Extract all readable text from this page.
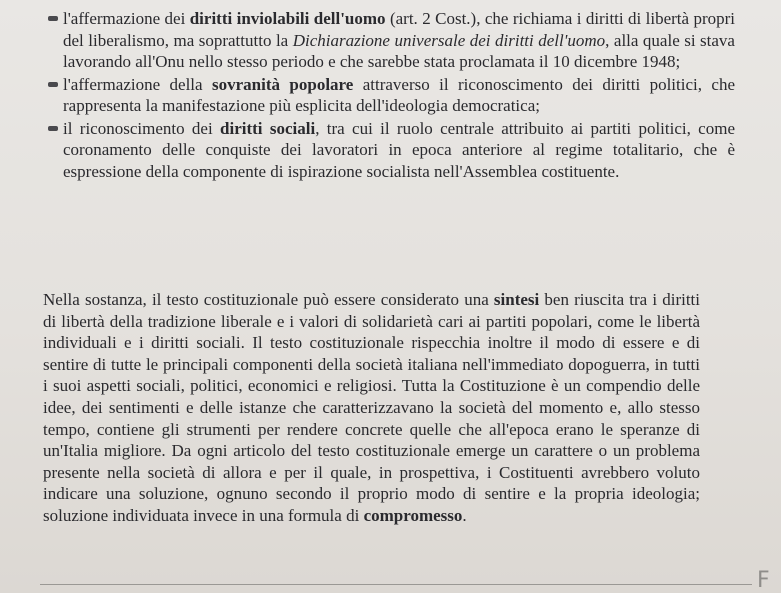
l'affermazione dei diritti inviolabili dell'uomo (art. 2 Cost.), che richiama i diritti di libertà propri del liberalismo, ma soprattutto la Dichiarazione universale dei diritti dell'uomo, alla quale si stava lavorando all'Onu nello stesso periodo e che sarebbe stata proclamata il 10 dicembre 1948;
l'affermazione della sovranità popolare attraverso il riconoscimento dei diritti politici, che rappresenta la manifestazione più esplicita dell'ideologia democratica;
il riconoscimento dei diritti sociali, tra cui il ruolo centrale attribuito ai partiti politici, come coronamento delle conquiste dei lavoratori in epoca anteriore al regime totalitario, che è espressione della componente di ispirazione socialista nell'Assemblea costituente.

Nella sostanza, il testo costituzionale può essere considerato una sintesi ben riuscita tra i diritti di libertà della tradizione liberale e i valori di solidarietà cari ai partiti popolari, come le libertà individuali e i diritti sociali. Il testo costituzionale rispecchia inoltre il modo di essere e di sentire di tutte le principali componenti della società italiana nell'immediato dopoguerra, in tutti i suoi aspetti sociali, politici, economici e religiosi. Tutta la Costituzione è un compendio delle idee, dei sentimenti e delle istanze che caratterizzavano la società del momento e, allo stesso tempo, contiene gli strumenti per rendere concrete quelle che all'epoca erano le speranze di un'Italia migliore. Da ogni articolo del testo costituzionale emerge un carattere o un problema presente nella società di allora e per il quale, in prospettiva, i Costituenti avrebbero voluto indicare una soluzione, ognuno secondo il proprio modo di sentire e la propria ideologia; soluzione individuata invece in una formula di compromesso.

F
